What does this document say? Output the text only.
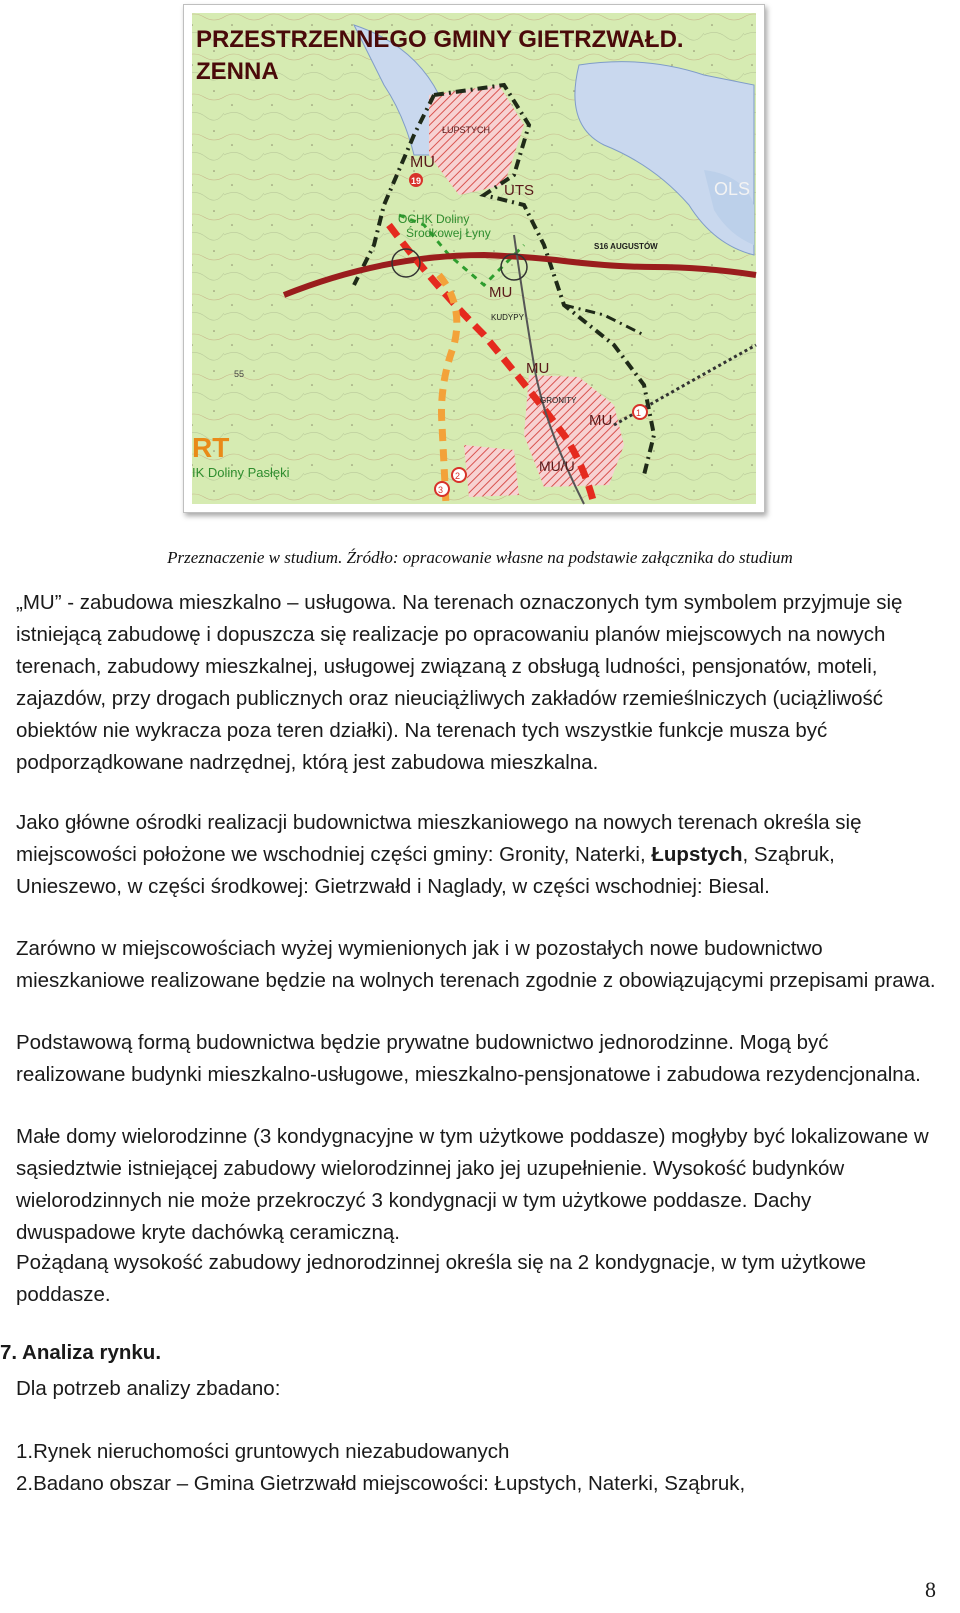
PRZESTRZENNEGO GMINY GIETRZWAŁD.
ZENNA
ŁUPSTYCH
MU
19
UTS	OLS
OCHK Doliny
Środkowej Łyny
S16 AUGUSTÓW
MU
KUDYPY
MU
GRONITY
MU
MU/U
55
RT
IK Doliny Pasłęki	2
3
1
Przeznaczenie w studium. Źródło: opracowanie własne na podstawie załącznika do studium

„MU” - zabudowa mieszkalno – usługowa. Na terenach oznaczonych tym symbolem przyjmuje się istniejącą zabudowę i dopuszcza się realizacje po opracowaniu planów miejscowych na nowych terenach, zabudowy mieszkalnej, usługowej związaną z obsługą ludności, pensjonatów, moteli, zajazdów, przy drogach publicznych oraz nieuciążliwych zakładów rzemieślniczych (uciążliwość obiektów nie wykracza poza teren działki). Na terenach tych wszystkie funkcje musza być podporządkowane nadrzędnej, którą jest zabudowa mieszkalna.

Jako główne ośrodki realizacji budownictwa mieszkaniowego na nowych terenach określa się miejscowości położone we wschodniej części gminy: Gronity, Naterki, Łupstych, Sząbruk, Unieszewo, w części środkowej: Gietrzwałd i Naglady, w części wschodniej: Biesal.

Zarówno w miejscowościach wyżej wymienionych jak i w pozostałych nowe budownictwo mieszkaniowe realizowane będzie na wolnych terenach zgodnie z obowiązującymi przepisami prawa.

Podstawową formą budownictwa będzie prywatne budownictwo jednorodzinne. Mogą być realizowane budynki mieszkalno-usługowe, mieszkalno-pensjonatowe i zabudowa rezydencjonalna.

Małe domy wielorodzinne (3 kondygnacyjne w tym użytkowe poddasze) mogłyby być lokalizowane w sąsiedztwie istniejącej zabudowy wielorodzinnej jako jej uzupełnienie. Wysokość budynków wielorodzinnych nie może przekroczyć 3 kondygnacji w tym użytkowe poddasze. Dachy dwuspadowe kryte dachówką ceramiczną.

Pożądaną wysokość zabudowy jednorodzinnej określa się na 2 kondygnacje, w tym użytkowe poddasze.

7. Analiza rynku.

Dla potrzeb analizy zbadano:

1.Rynek nieruchomości gruntowych niezabudowanych

2.Badano obszar – Gmina Gietrzwałd miejscowości: Łupstych, Naterki, Sząbruk,

8
